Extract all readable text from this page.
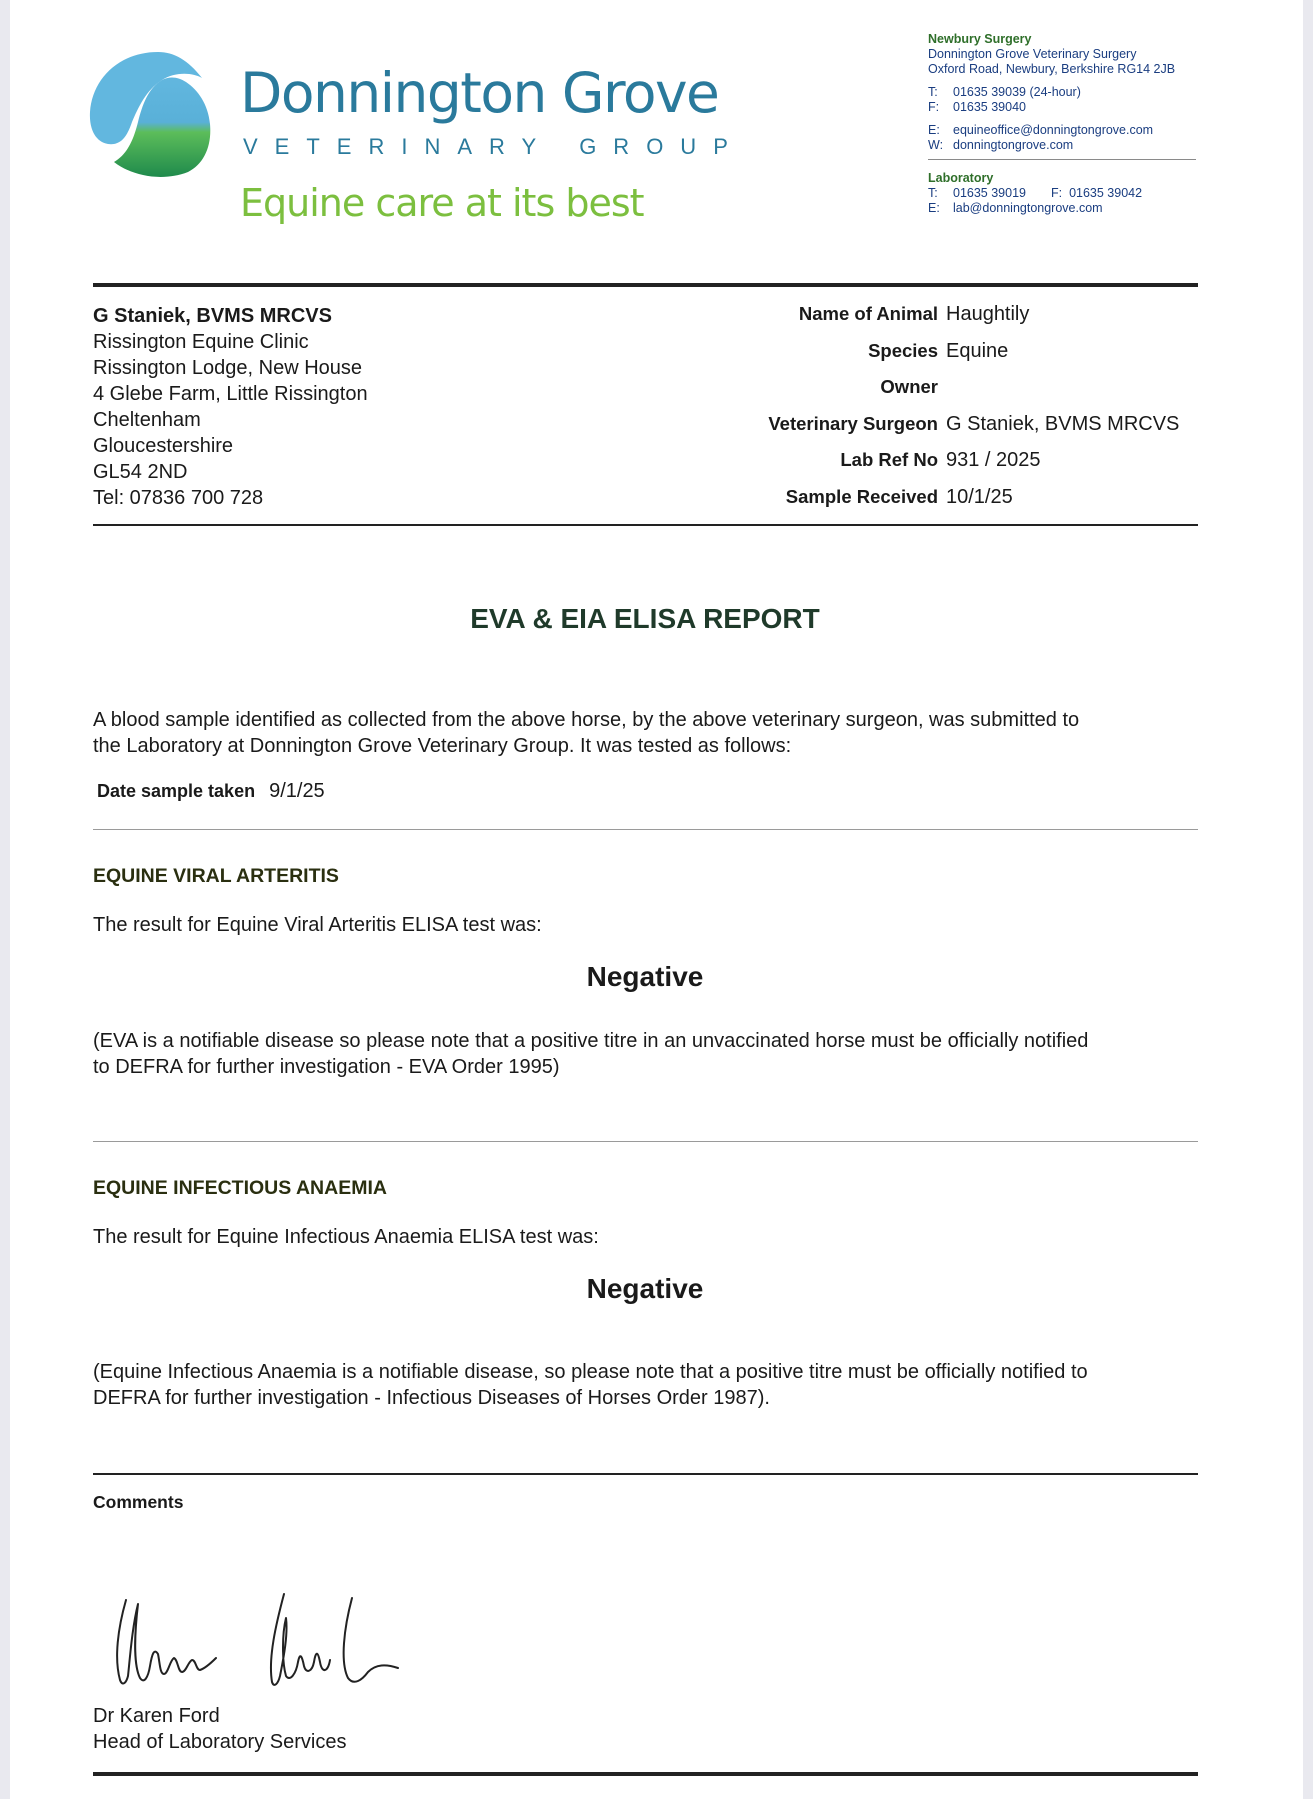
Donnington Grove
VETERINARY GROUP
Equine care at its best
Newbury Surgery
Donnington Grove Veterinary Surgery
Oxford Road, Newbury, Berkshire RG14 2JB
T: 01635 39039 (24-hour)
F: 01635 39040
E: equineoffice@donningtongrove.com
W: donningtongrove.com
Laboratory
T: 01635 39019 F: 01635 39042
E: lab@donningtongrove.com
G Staniek, BVMS MRCVS
Rissington Equine Clinic
Rissington Lodge, New House
4 Glebe Farm, Little Rissington
Cheltenham
Gloucestershire
GL54 2ND
Tel: 07836 700 728
Name of Animal Haughtily
Species Equine
Owner
Veterinary Surgeon G Staniek, BVMS MRCVS
Lab Ref No 931 / 2025
Sample Received 10/1/25
EVA & EIA ELISA REPORT
A blood sample identified as collected from the above horse, by the above veterinary surgeon, was submitted to
the Laboratory at Donnington Grove Veterinary Group. It was tested as follows:
Date sample taken 9/1/25
EQUINE VIRAL ARTERITIS
The result for Equine Viral Arteritis ELISA test was:
Negative
(EVA is a notifiable disease so please note that a positive titre in an unvaccinated horse must be officially notified
to DEFRA for further investigation - EVA Order 1995)
EQUINE INFECTIOUS ANAEMIA
The result for Equine Infectious Anaemia ELISA test was:
Negative
(Equine Infectious Anaemia is a notifiable disease, so please note that a positive titre must be officially notified to
DEFRA for further investigation - Infectious Diseases of Horses Order 1987).
Comments
Dr Karen Ford
Head of Laboratory Services
